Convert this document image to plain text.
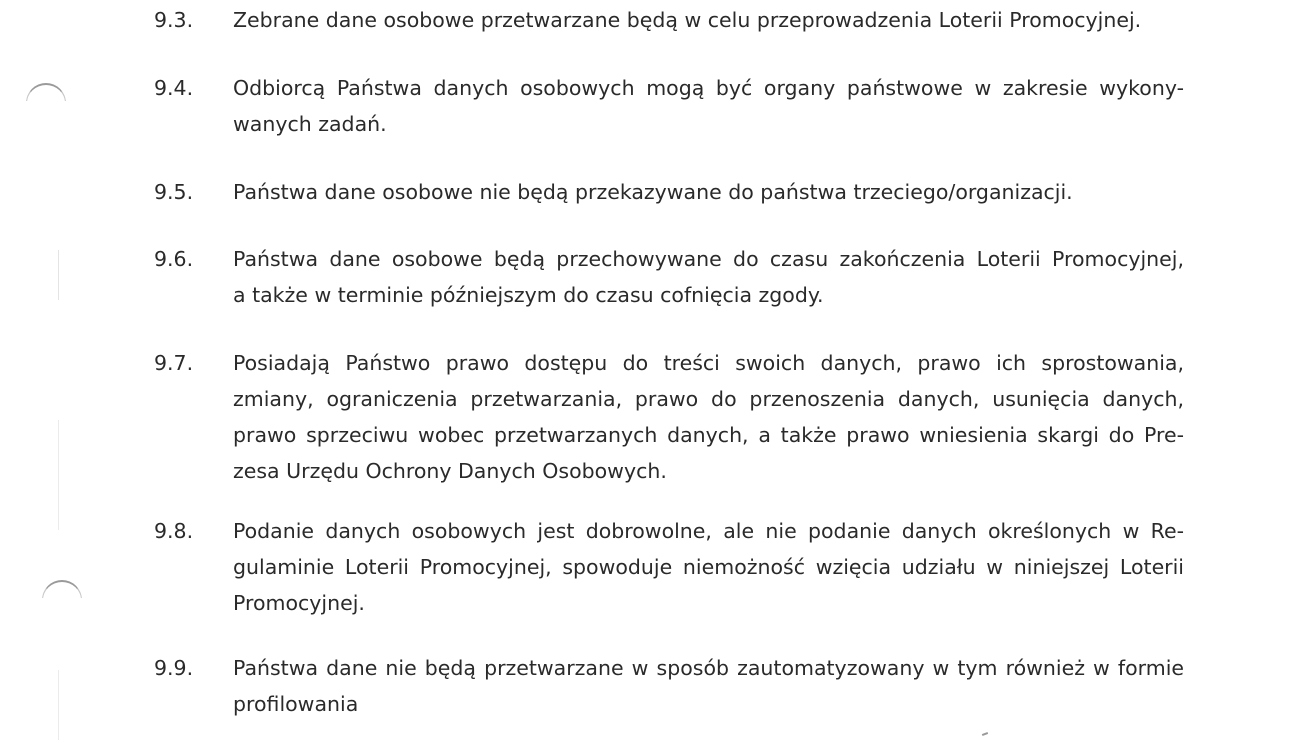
9.3. Zebrane dane osobowe przetwarzane będą w celu przeprowadzenia Loterii Promocyjnej.
9.4. Odbiorcą Państwa danych osobowych mogą być organy państwowe w zakresie wykony-
wanych zadań.
9.5. Państwa dane osobowe nie będą przekazywane do państwa trzeciego/organizacji.
9.6. Państwa dane osobowe będą przechowywane do czasu zakończenia Loterii Promocyjnej,
a także w terminie późniejszym do czasu cofnięcia zgody.
9.7. Posiadają Państwo prawo dostępu do treści swoich danych, prawo ich sprostowania,
zmiany, ograniczenia przetwarzania, prawo do przenoszenia danych, usunięcia danych,
prawo sprzeciwu wobec przetwarzanych danych, a także prawo wniesienia skargi do Pre-
zesa Urzędu Ochrony Danych Osobowych.
9.8. Podanie danych osobowych jest dobrowolne, ale nie podanie danych określonych w Re-
gulaminie Loterii Promocyjnej, spowoduje niemożność wzięcia udziału w niniejszej Loterii
Promocyjnej.
9.9. Państwa dane nie będą przetwarzane w sposób zautomatyzowany w tym również w formie
profilowania
